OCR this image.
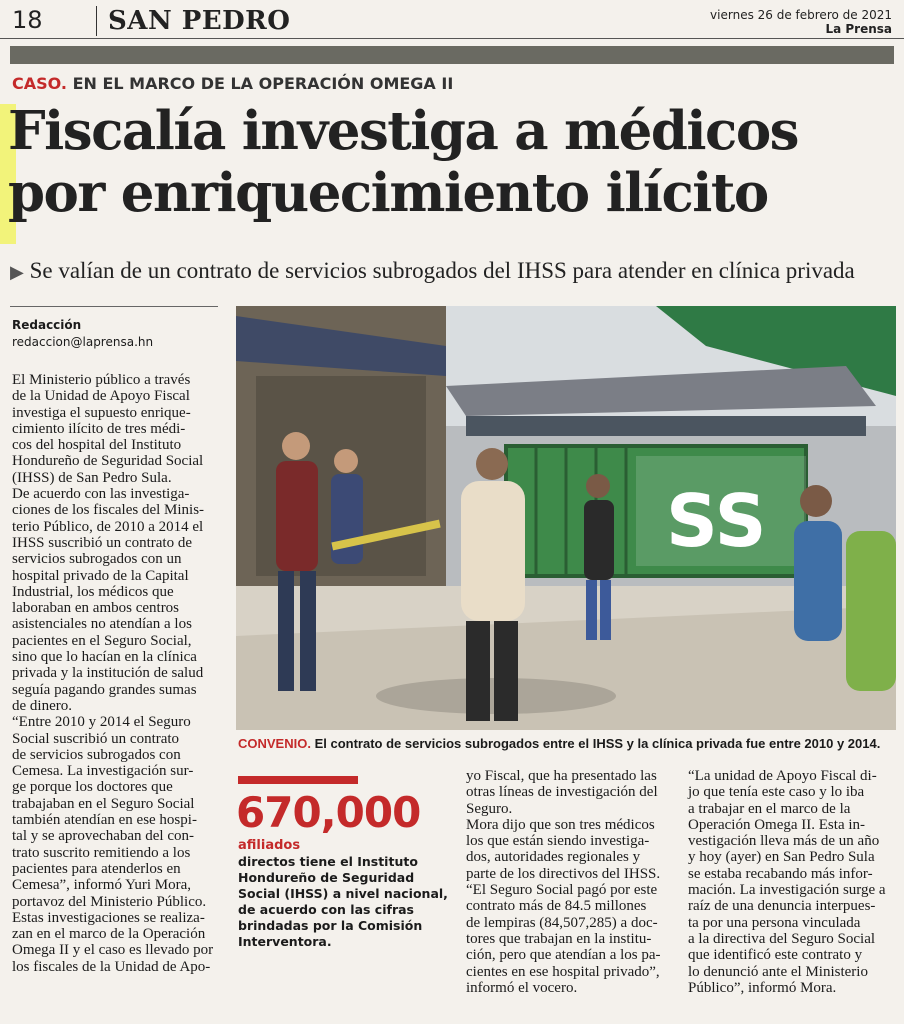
18	SAN PEDRO	viernes 26 de febrero de 2021
La Prensa
CASO. EN EL MARCO DE LA OPERACIÓN OMEGA II
Fiscalía investiga a médicos
por enriquecimiento ilícito
▶ Se valían de un contrato de servicios subrogados del IHSS para atender en clínica privada
Redacción
redaccion@laprensa.hn

El Ministerio público a través

de la Unidad de Apoyo Fiscal

investiga el supuesto enrique-

cimiento ilícito de tres médi-

cos del hospital del Instituto

Hondureño de Seguridad Social

(IHSS) de San Pedro Sula.

De acuerdo con las investiga-

ciones de los fiscales del Minis-

terio Público, de 2010 a 2014 el

IHSS suscribió un contrato de

servicios subrogados con un

hospital privado de la Capital

Industrial, los médicos que

laboraban en ambos centros

asistenciales no atendían a los

pacientes en el Seguro Social,

sino que lo hacían en la clínica

privada y la institución de salud

seguía pagando grandes sumas

de dinero.

“Entre 2010 y 2014 el Seguro

Social suscribió un contrato

de servicios subrogados con

Cemesa. La investigación sur-

ge porque los doctores que

trabajaban en el Seguro Social

también atendían en ese hospi-

tal y se aprovechaban del con-

trato suscrito remitiendo a los

pacientes para atenderlos en

Cemesa”, informó Yuri Mora,

portavoz del Ministerio Público.

Estas investigaciones se realiza-

zan en el marco de la Operación

Omega II y el caso es llevado por

los fiscales de la Unidad de Apo-

SS
CONVENIO. El contrato de servicios subrogados entre el IHSS y la clínica privada fue entre 2010 y 2014.
670,000
afiliados

directos tiene el Instituto

Hondureño de Seguridad

Social (IHSS) a nivel nacional,

de acuerdo con las cifras

brindadas por la Comisión

Interventora.

yo Fiscal, que ha presentado las

otras líneas de investigación del

Seguro.

Mora dijo que son tres médicos

los que están siendo investiga-

dos, autoridades regionales y

parte de los directivos del IHSS.

“El Seguro Social pagó por este

contrato más de 84.5 millones

de lempiras (84,507,285) a doc-

tores que trabajan en la institu-

ción, pero que atendían a los pa-

cientes en ese hospital privado”,

informó el vocero.

“La unidad de Apoyo Fiscal di-

jo que tenía este caso y lo iba

a trabajar en el marco de la

Operación Omega II. Esta in-

vestigación lleva más de un año

y hoy (ayer) en San Pedro Sula

se estaba recabando más infor-

mación. La investigación surge a

raíz de una denuncia interpues-

ta por una persona vinculada

a la directiva del Seguro Social

que identificó este contrato y

lo denunció ante el Ministerio

Público”, informó Mora.
